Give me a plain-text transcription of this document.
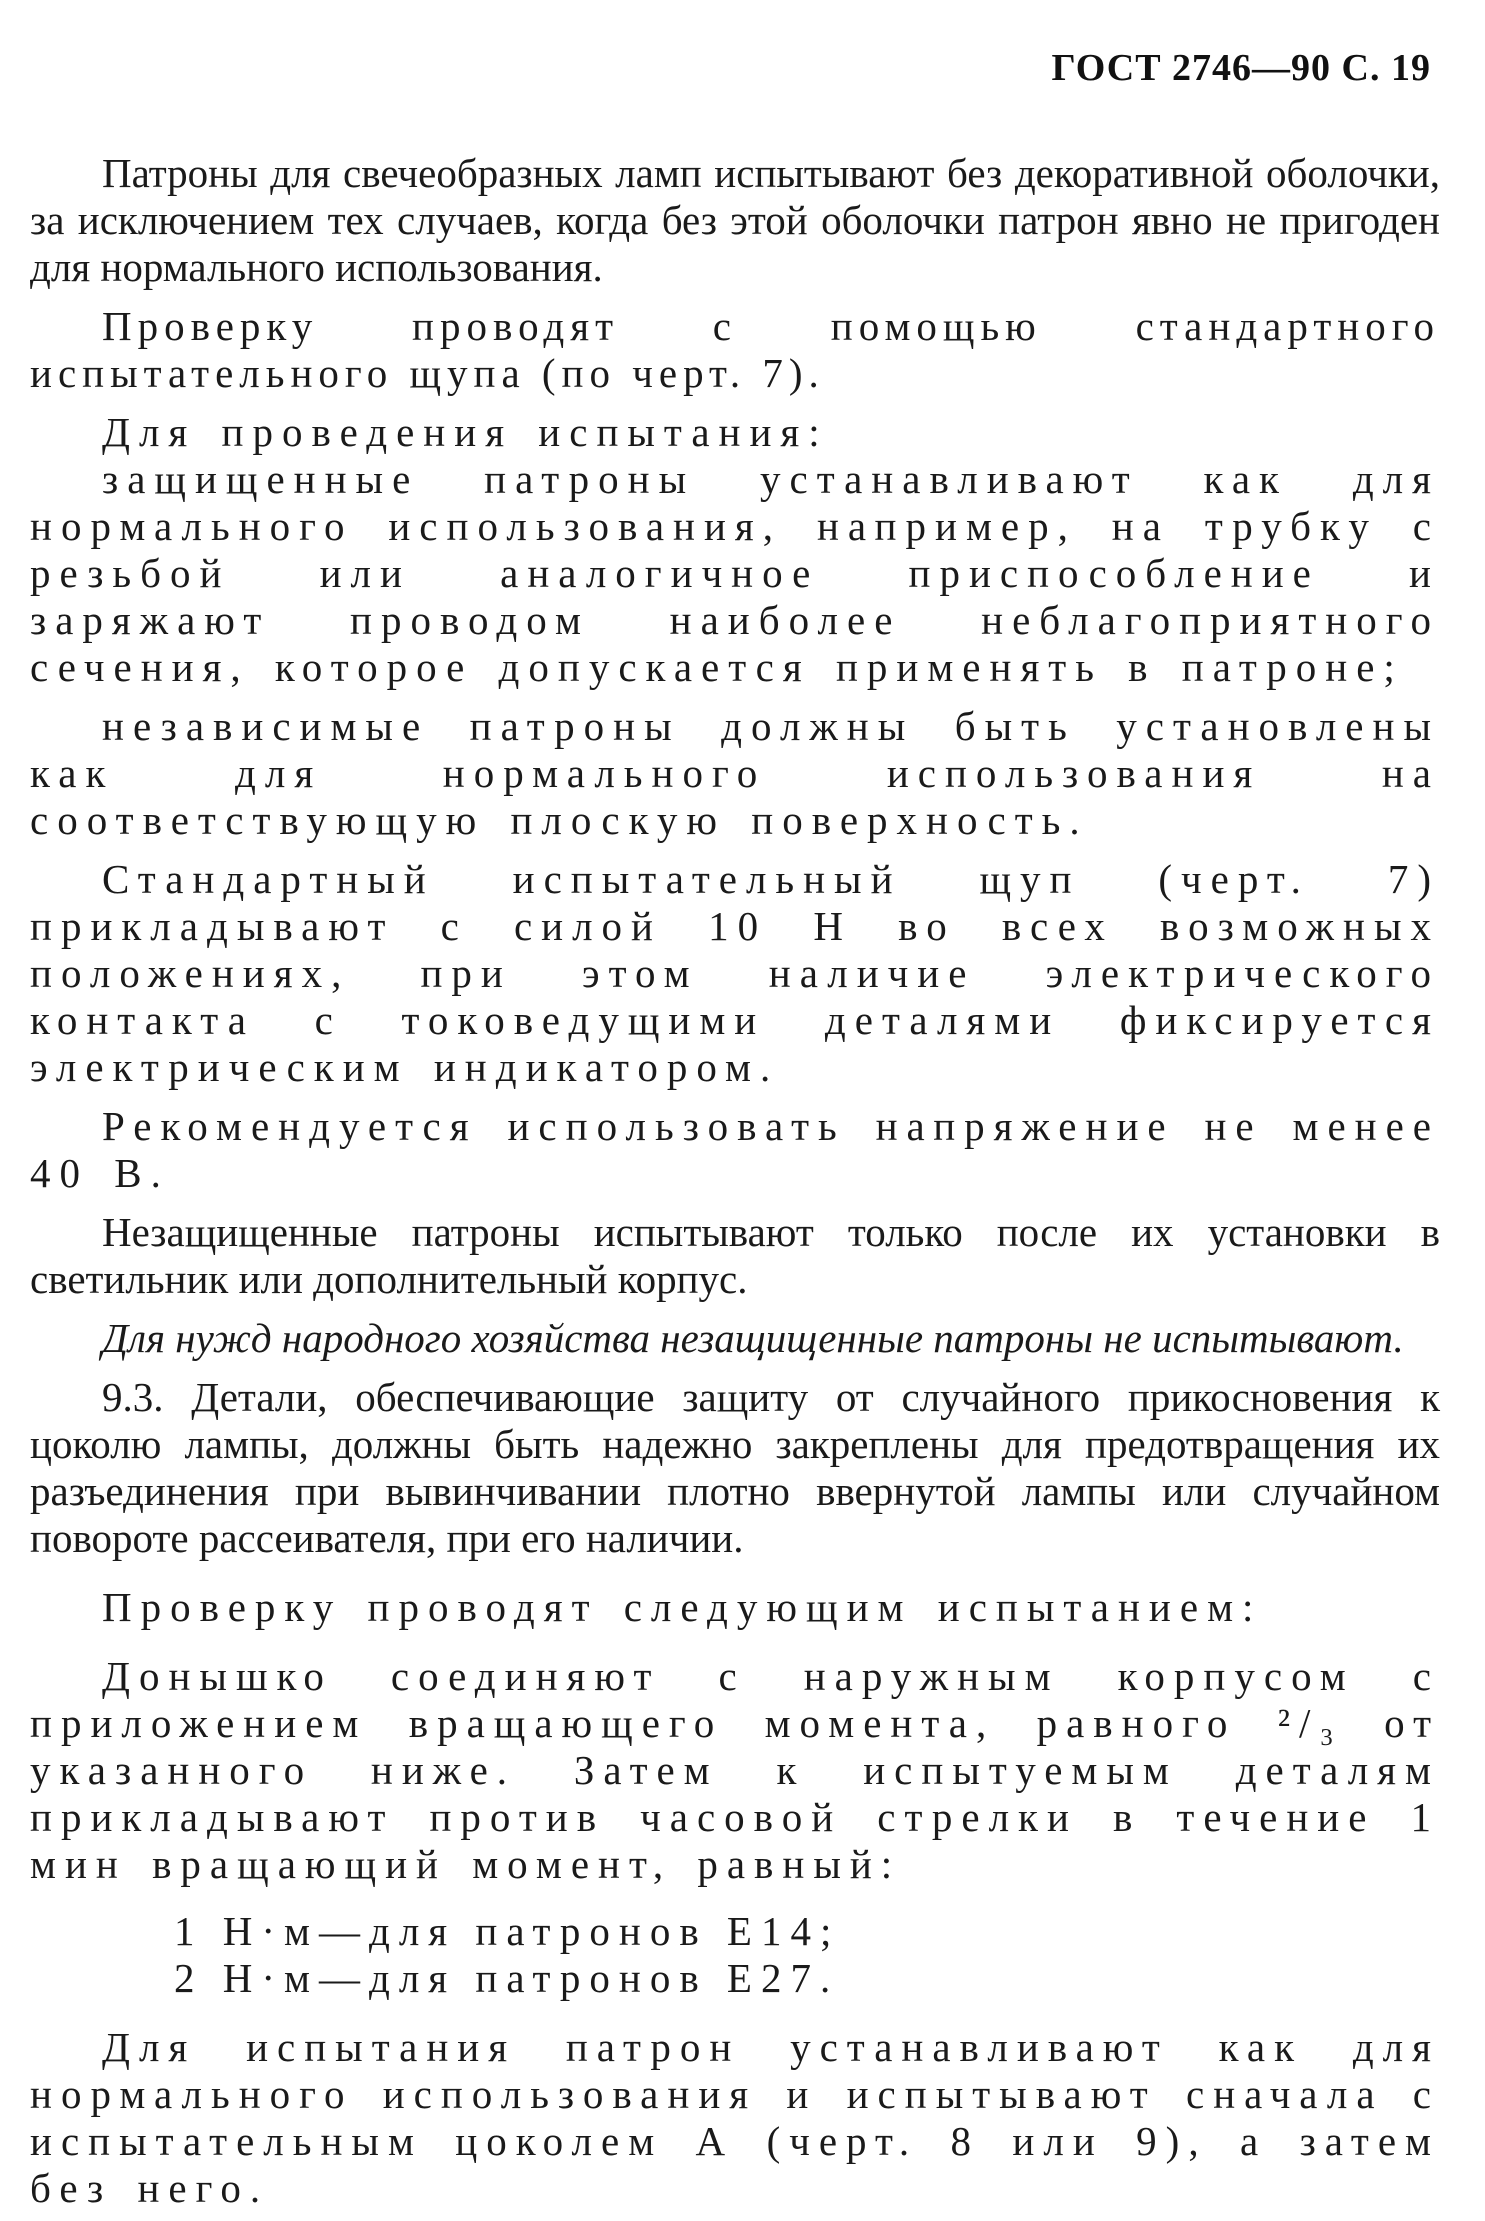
ГОСТ 2746—90 С. 19

Патроны для свечеобразных ламп испытывают без декоративной оболочки, за исключением тех случаев, когда без этой оболочки патрон явно не пригоден для нормального использования.

Проверку проводят с помощью стандартного испытательного щупа (по черт. 7).

Для проведения испытания:

защищенные патроны устанавливают как для нормального использования, например, на трубку с резьбой или аналогичное приспособление и заряжают проводом наиболее неблагоприятного сечения, которое допускается применять в патроне;

независимые патроны должны быть установлены как для нормального использования на соответствующую плоскую поверхность.

Стандартный испытательный щуп (черт. 7) прикладывают с силой 10 Н во всех возможных положениях, при этом наличие электрического контакта с токоведущими деталями фиксируется электрическим индикатором.

Рекомендуется использовать напряжение не менее 40 В.

Незащищенные патроны испытывают только после их установки в светильник или дополнительный корпус.

Для нужд народного хозяйства незащищенные патроны не испытывают.

9.3. Детали, обеспечивающие защиту от случайного прикосновения к цоколю лампы, должны быть надежно закреплены для предотвращения их разъединения при вывинчивании плотно ввернутой лампы или случайном повороте рассеивателя, при его наличии.

Проверку проводят следующим испытанием:

Донышко соединяют с наружным корпусом с приложением вращающего момента, равного ²/₃ от указанного ниже. Затем к испытуемым деталям прикладывают против часовой стрелки в течение 1 мин вращающий момент, равный:

1 Н·м—для патронов Е14;

2 Н·м—для патронов Е27.

Для испытания патрон устанавливают как для нормального использования и испытывают сначала с испытательным цоколем А (черт. 8 или 9), а затем без него.
